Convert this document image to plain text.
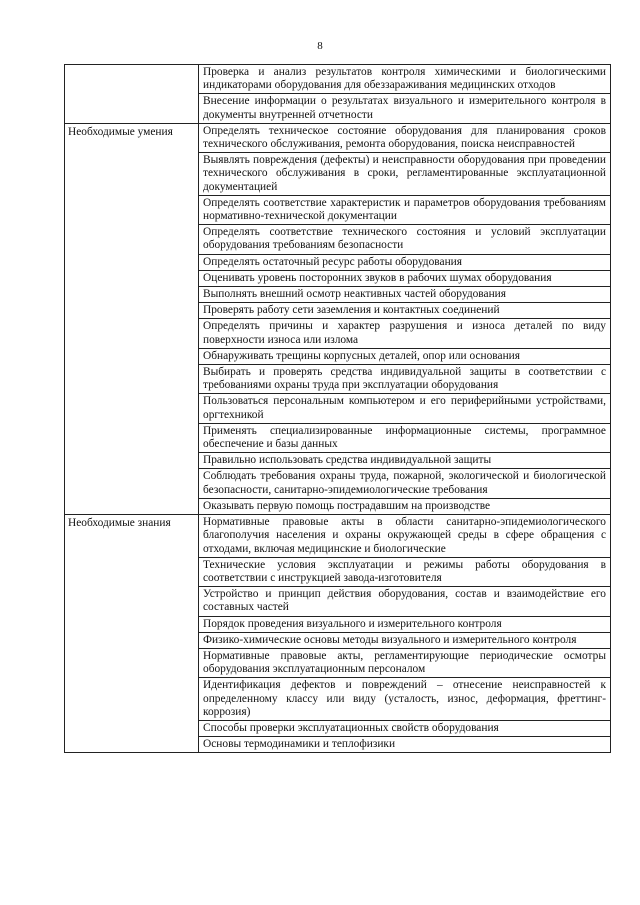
8
	Проверка и анализ результатов контроля химическими и биологическими индикаторами оборудования для обеззараживания медицинских отходов
	Внесение информации о результатах визуального и измерительного контроля в документы внутренней отчетности
Необходимые умения	Определять техническое состояние оборудования для планирования сроков технического обслуживания, ремонта оборудования, поиска неисправностей
	Выявлять повреждения (дефекты) и неисправности оборудования при проведении технического обслуживания в сроки, регламентированные эксплуатационной документацией
	Определять соответствие характеристик и параметров оборудования требованиям нормативно-технической документации
	Определять соответствие технического состояния и условий эксплуатации оборудования требованиям безопасности
	Определять остаточный ресурс работы оборудования
	Оценивать уровень посторонних звуков в рабочих шумах оборудования
	Выполнять внешний осмотр неактивных частей оборудования
	Проверять работу сети заземления и контактных соединений
	Определять причины и характер разрушения и износа деталей по виду поверхности износа или излома
	Обнаруживать трещины корпусных деталей, опор или основания
	Выбирать и проверять средства индивидуальной защиты в соответствии с требованиями охраны труда при эксплуатации оборудования
	Пользоваться персональным компьютером и его периферийными устройствами, оргтехникой
	Применять специализированные информационные системы, программное обеспечение и базы данных
	Правильно использовать средства индивидуальной защиты
	Соблюдать требования охраны труда, пожарной, экологической и биологической безопасности, санитарно-эпидемиологические требования
	Оказывать первую помощь пострадавшим на производстве
Необходимые знания	Нормативные правовые акты в области санитарно-эпидемиологического благополучия населения и охраны окружающей среды в сфере обращения с отходами, включая медицинские и биологические
	Технические условия эксплуатации и режимы работы оборудования в соответствии с инструкцией завода-изготовителя
	Устройство и принцип действия оборудования, состав и взаимодействие его составных частей
	Порядок проведения визуального и измерительного контроля
	Физико-химические основы методы визуального и измерительного контроля
	Нормативные правовые акты, регламентирующие периодические осмотры оборудования эксплуатационным персоналом
	Идентификация дефектов и повреждений – отнесение неисправностей к определенному классу или виду (усталость, износ, деформация, фреттинг-коррозия)
	Способы проверки эксплуатационных свойств оборудования
	Основы термодинамики и теплофизики
